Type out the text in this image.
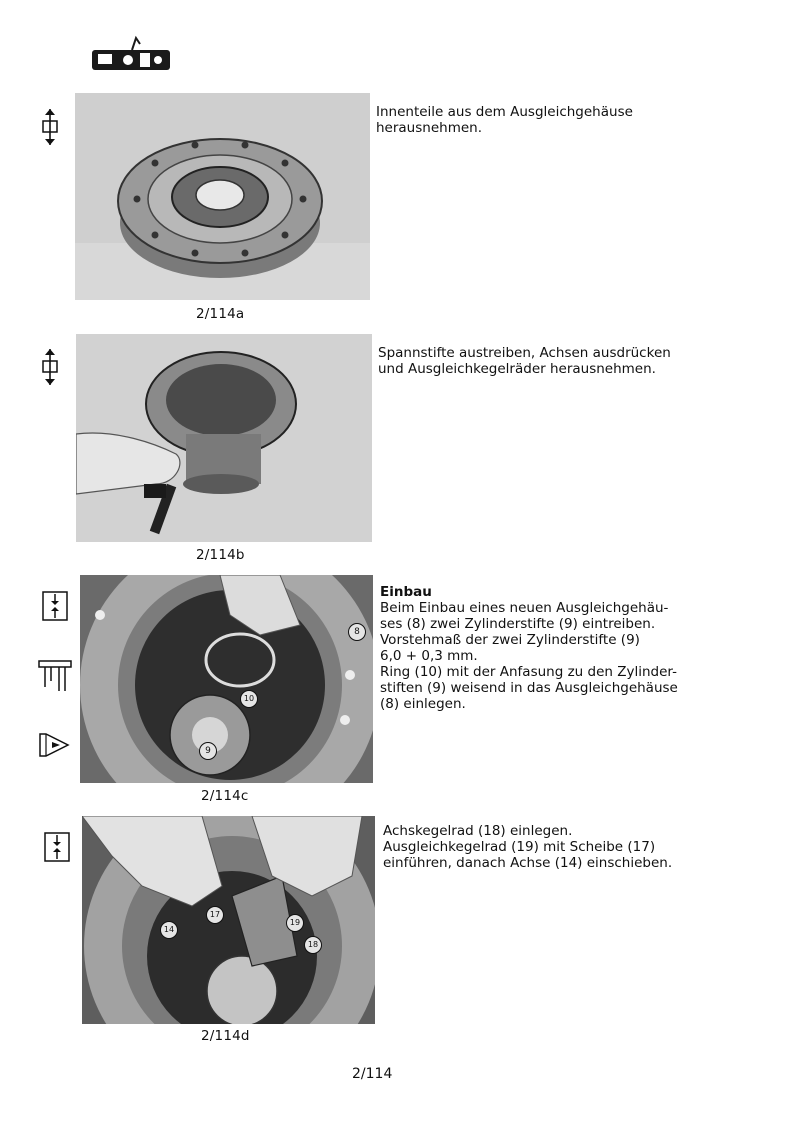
2/114a
Innenteile aus dem Ausgleichgehäuse
herausnehmen.
2/114b
Spannstifte austreiben, Achsen ausdrücken
und Ausgleichkegelräder herausnehmen.
8
10
9
2/114c
Einbau
Beim Einbau eines neuen Ausgleichgehäu-
ses (8) zwei Zylinderstifte (9) eintreiben.
Vorstehmaß der zwei Zylinderstifte (9)
6,0 + 0,3 mm.
Ring (10) mit der Anfasung zu den Zylinder-
stiften (9) weisend in das Ausgleichgehäuse
(8) einlegen.
14
17
19
18
2/114d
Achskegelrad (18) einlegen.
Ausgleichkegelrad (19) mit Scheibe (17)
einführen, danach Achse (14) einschieben.
2/114
